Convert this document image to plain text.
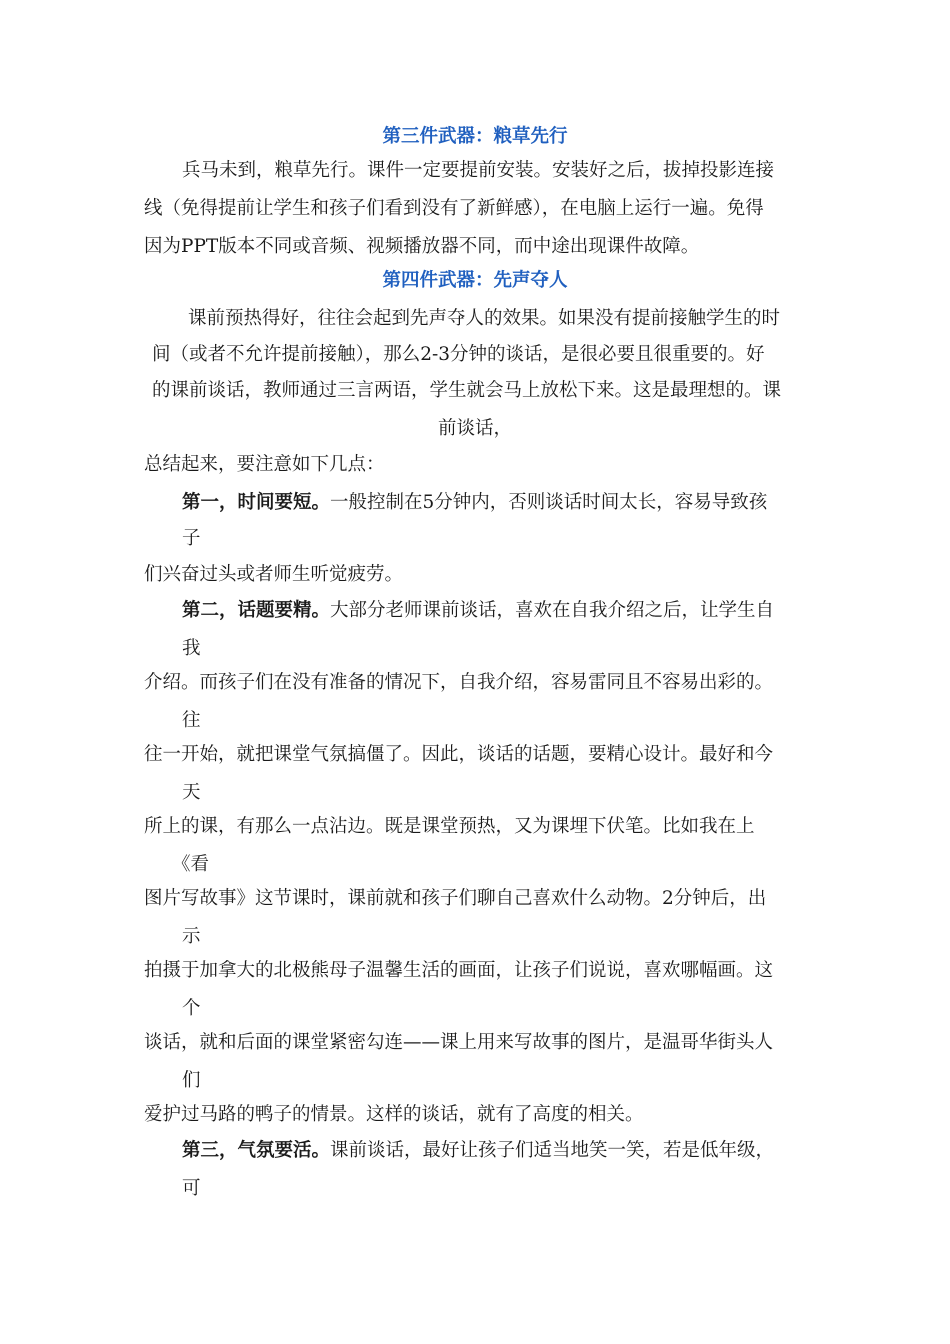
第三件武器：粮草先行
兵马未到，粮草先行。课件一定要提前安装。安装好之后，拔掉投影连接
线（免得提前让学生和孩子们看到没有了新鲜感），在电脑上运行一遍。免得
因为PPT版本不同或音频、视频播放器不同，而中途出现课件故障。
第四件武器：先声夺人
课前预热得好，往往会起到先声夺人的效果。如果没有提前接触学生的时
间（或者不允许提前接触），那么2-3分钟的谈话，是很必要且很重要的。好
的课前谈话，教师通过三言两语，学生就会马上放松下来。这是最理想的。课
前谈话，
总结起来，要注意如下几点：
第一，时间要短。一般控制在5分钟内，否则谈话时间太长，容易导致孩
子
们兴奋过头或者师生听觉疲劳。
第二，话题要精。大部分老师课前谈话，喜欢在自我介绍之后，让学生自
我
介绍。而孩子们在没有准备的情况下，自我介绍，容易雷同且不容易出彩的。
往
往一开始，就把课堂气氛搞僵了。因此，谈话的话题，要精心设计。最好和今
天
所上的课，有那么一点沾边。既是课堂预热，又为课埋下伏笔。比如我在上
《看
图片写故事》这节课时，课前就和孩子们聊自己喜欢什么动物。2分钟后，出
示
拍摄于加拿大的北极熊母子温馨生活的画面，让孩子们说说，喜欢哪幅画。这
个
谈话，就和后面的课堂紧密勾连——课上用来写故事的图片，是温哥华街头人
们
爱护过马路的鸭子的情景。这样的谈话，就有了高度的相关。
第三，气氛要活。课前谈话，最好让孩子们适当地笑一笑，若是低年级，
可
